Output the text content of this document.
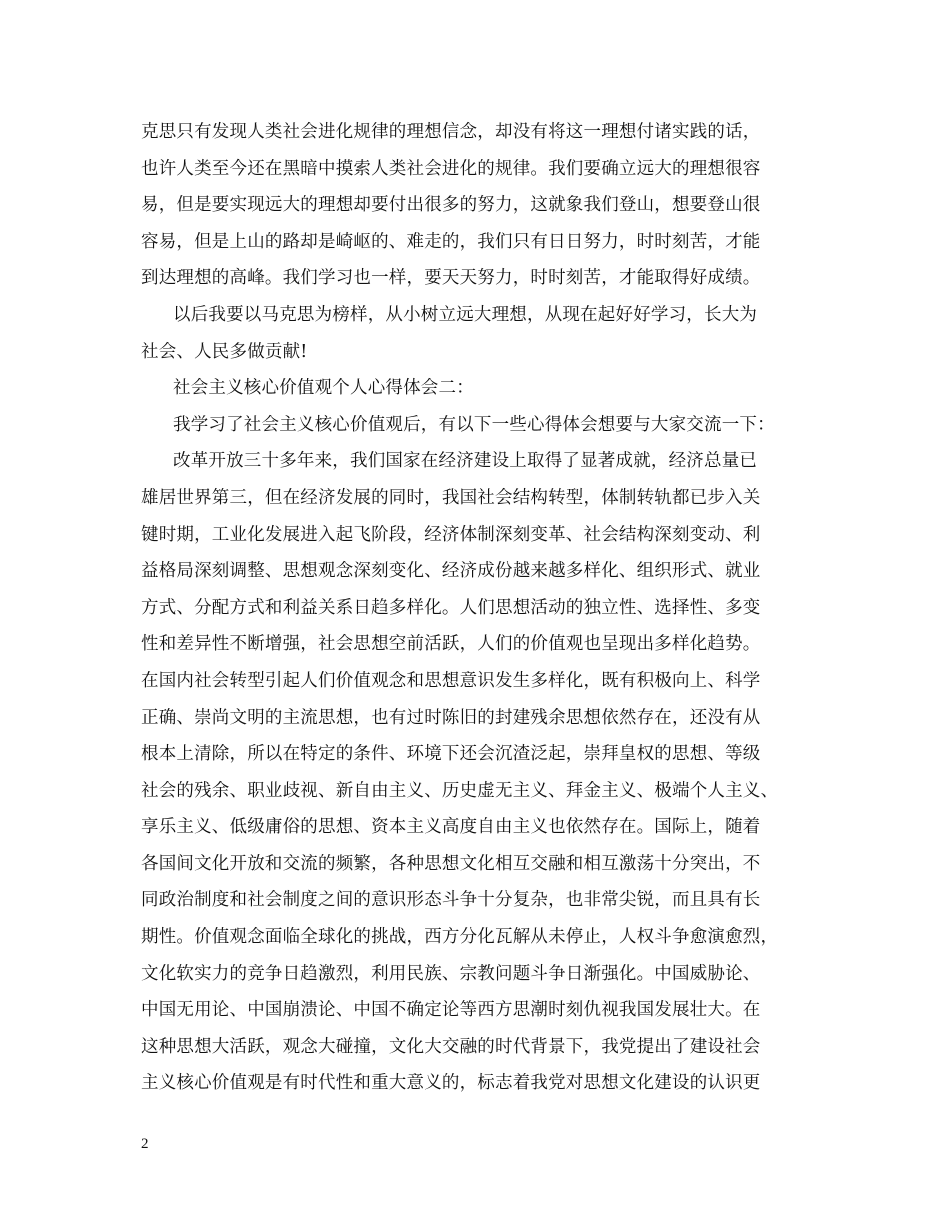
克思只有发现人类社会进化规律的理想信念，却没有将这一理想付诸实践的话，
也许人类至今还在黑暗中摸索人类社会进化的规律。我们要确立远大的理想很容
易，但是要实现远大的理想却要付出很多的努力，这就象我们登山，想要登山很
容易，但是上山的路却是崎岖的、难走的，我们只有日日努力，时时刻苦，才能
到达理想的高峰。我们学习也一样，要天天努力，时时刻苦，才能取得好成绩。
以后我要以马克思为榜样，从小树立远大理想，从现在起好好学习，长大为
社会、人民多做贡献!
社会主义核心价值观个人心得体会二：
我学习了社会主义核心价值观后，有以下一些心得体会想要与大家交流一下：
改革开放三十多年来，我们国家在经济建设上取得了显著成就，经济总量已
雄居世界第三，但在经济发展的同时，我国社会结构转型，体制转轨都已步入关
键时期，工业化发展进入起飞阶段，经济体制深刻变革、社会结构深刻变动、利
益格局深刻调整、思想观念深刻变化、经济成份越来越多样化、组织形式、就业
方式、分配方式和利益关系日趋多样化。人们思想活动的独立性、选择性、多变
性和差异性不断增强，社会思想空前活跃，人们的价值观也呈现出多样化趋势。
在国内社会转型引起人们价值观念和思想意识发生多样化，既有积极向上、科学
正确、崇尚文明的主流思想，也有过时陈旧的封建残余思想依然存在，还没有从
根本上清除，所以在特定的条件、环境下还会沉渣泛起，崇拜皇权的思想、等级
社会的残余、职业歧视、新自由主义、历史虚无主义、拜金主义、极端个人主义、
享乐主义、低级庸俗的思想、资本主义高度自由主义也依然存在。国际上，随着
各国间文化开放和交流的频繁，各种思想文化相互交融和相互激荡十分突出，不
同政治制度和社会制度之间的意识形态斗争十分复杂，也非常尖锐，而且具有长
期性。价值观念面临全球化的挑战，西方分化瓦解从未停止，人权斗争愈演愈烈，
文化软实力的竞争日趋激烈，利用民族、宗教问题斗争日渐强化。中国威胁论、
中国无用论、中国崩溃论、中国不确定论等西方思潮时刻仇视我国发展壮大。在
这种思想大活跃，观念大碰撞，文化大交融的时代背景下，我党提出了建设社会
主义核心价值观是有时代性和重大意义的，标志着我党对思想文化建设的认识更
2
